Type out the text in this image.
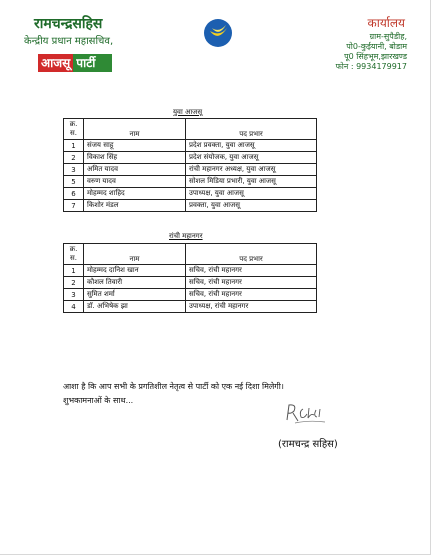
रामचन्द्रसहिस
केन्द्रीय प्रधान महासचिव,
आजसू पार्टी
कार्यालय
ग्राम-सुपैडीह,
पो0-कुईयानी, बोडाम
पू0 सिंहभूम,झारखण्ड
फोन : 9934179917
युवा आजसू
क्र. स.	नाम	पद प्रभार
1	संजय साहू	प्रदेश प्रवक्ता, युवा आजसू
2	विकाश सिंह	प्रदेश संयोजक, युवा आजसू
3	अमित यादव	रांची महानगर अध्यक्ष, युवा आजसू
5	वरुण यादव	सोशल मिडिया प्रभारी, युवा आजसू
6	मोहम्मद शाहिद	उपाध्यक्ष, युवा आजसू
7	किशोर मंडल	प्रवक्ता, युवा आजसू
रांची महानगर
क्र. स.	नाम	पद प्रभार
1	मोहम्मद दानिश खान	सचिव, रांची महानगर
2	कौशल तिवारी	सचिव, रांची महानगर
3	सुमित शर्मा	सचिव, रांची महानगर
4	डॉ. अभिषेक झा	उपाध्यक्ष, रांची महानगर
आशा है कि आप सभी के प्रगतिशील नेतृत्व से पार्टी को एक नई दिशा मिलेगी।
शुभकामनाओं के साथ...
(रामचन्द्र सहिस)
